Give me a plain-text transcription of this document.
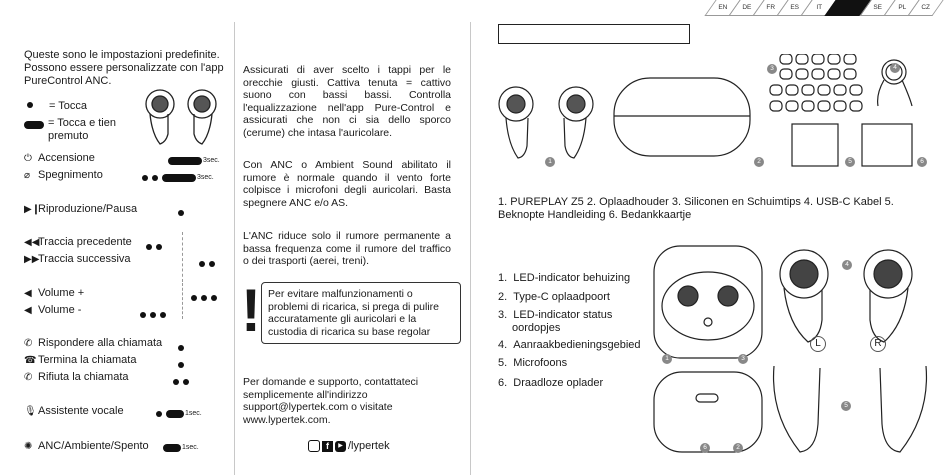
EN DE FR ES	IT	SE PL CZ
Queste sono le impostazioni predefinite. Possono essere personalizzate con l'app PureControl ANC.
= Tocca
= Tocca e tien premuto
⏻ Accensione	3sec.
⌀ Spegnimento	3sec.
▶❙Riproduzione/Pausa
◀◀Traccia precedente
▶▶Traccia successiva
◀ Volume +
◀ Volume -
✆ Rispondere alla chiamata
☎ Termina la chiamata
✆ Rifiuta la chiamata
🎙Assistente vocale	1sec.
✺ ANC/Ambiente/Spento	1sec.
Assicurati di aver scelto i tappi per le orecchie giusti. Cattiva tenuta = cattivo suono con bassi bassi. Controlla l'equalizzazione nell'app Pure-Control e assicurati che non ci sia dello sporco (cerume) che intasa l'auricolare.
Con ANC o Ambient Sound abilitato il rumore è normale quando il vento forte colpisce i microfoni degli auricolari. Basta spegnere ANC e/o AS.
L'ANC riduce solo il rumore permanente a bassa frequenza come il rumore del traffico o dei trasporti (aerei, treni).
! Per evitare malfunzionamenti o problemi di ricarica, si prega di pulire accuratamente gli auricolari e la custodia di ricarica su base regolar
Per domande e supporto, contattateci semplicemente all'indirizzo support@lypertek.com o visitate www.lypertek.com.
f	▶ /lypertek
1	2
3	4
5	6
1. PUREPLAY Z5 2. Oplaadhouder 3. Siliconen en Schuimtips 4. USB-C Kabel 5. Beknopte Handleiding 6. Bedankkaartje
1.  LED-indicator behuizing
2.  Type-C oplaadpoort
3.  LED-indicator status oordopjes
4.  Aanraakbedieningsgebied
5.  Microfoons
6.  Draadloze oplader
1	3
4
5
6	2
L	R
